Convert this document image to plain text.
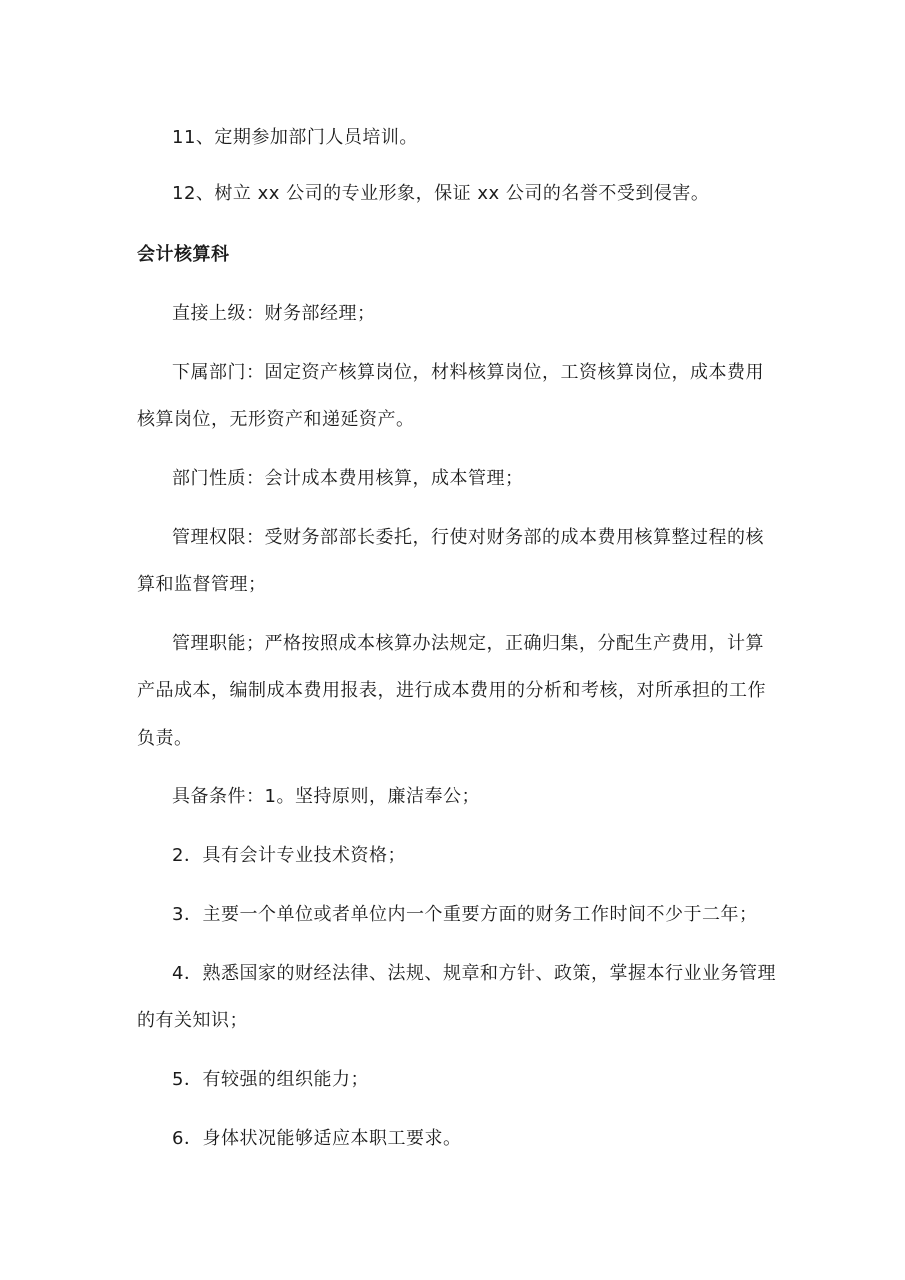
11、定期参加部门人员培训。
12、树立 xx 公司的专业形象，保证 xx 公司的名誉不受到侵害。
会计核算科
直接上级：财务部经理；
下属部门：固定资产核算岗位，材料核算岗位，工资核算岗位，成本费用
核算岗位，无形资产和递延资产。
部门性质：会计成本费用核算，成本管理；
管理权限：受财务部部长委托，行使对财务部的成本费用核算整过程的核
算和监督管理；
管理职能；严格按照成本核算办法规定，正确归集，分配生产费用，计算
产品成本，编制成本费用报表，进行成本费用的分析和考核，对所承担的工作
负责。
具备条件：1。坚持原则，廉洁奉公；
2．具有会计专业技术资格；
3．主要一个单位或者单位内一个重要方面的财务工作时间不少于二年；
4．熟悉国家的财经法律、法规、规章和方针、政策，掌握本行业业务管理
的有关知识；
5．有较强的组织能力；
6．身体状况能够适应本职工要求。
